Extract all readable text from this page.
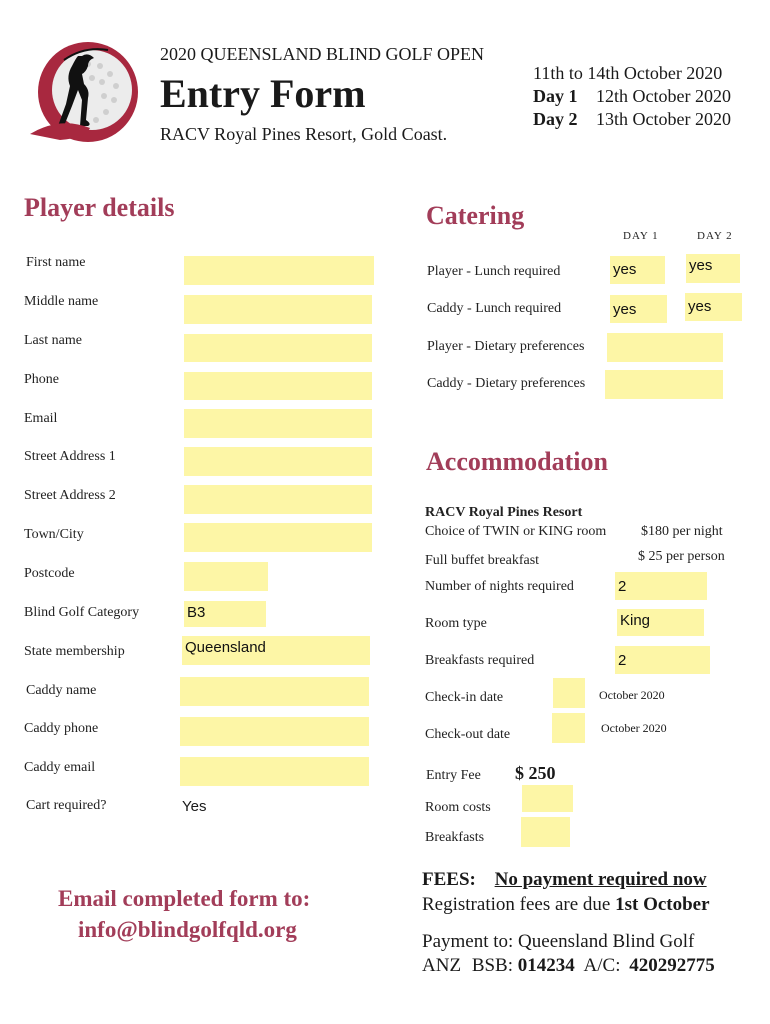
2020 QUEENSLAND BLIND GOLF OPEN
Entry Form
RACV Royal Pines Resort, Gold Coast.
11th to 14th October 2020
Day 1 12th October 2020
Day 2 13th October 2020
Player details
First name
Middle name
Last name
Phone
Email
Street Address 1
Street Address 2
Town/City
Postcode
Blind Golf Category	B3
State membership	Queensland
Caddy name
Caddy phone
Caddy email
Cart required?	Yes
Catering
DAY 1	DAY 2
Player - Lunch required	yes	yes
Caddy - Lunch required	yes	yes
Player - Dietary preferences
Caddy - Dietary preferences
Accommodation
RACV Royal Pines Resort
Choice of TWIN or KING room $180 per night
Full buffet breakfast	$ 25 per person
Number of nights required	2
Room type	King
Breakfasts required	2
Check-in date	October 2020
Check-out date	October 2020
Entry Fee $ 250
Room costs
Breakfasts
Email completed form to:
info@blindgolfqld.org
FEES: No payment required now
Registration fees are due 1st October
Payment to: Queensland Blind Golf
ANZ BSB: 014234 A/C: 420292775
